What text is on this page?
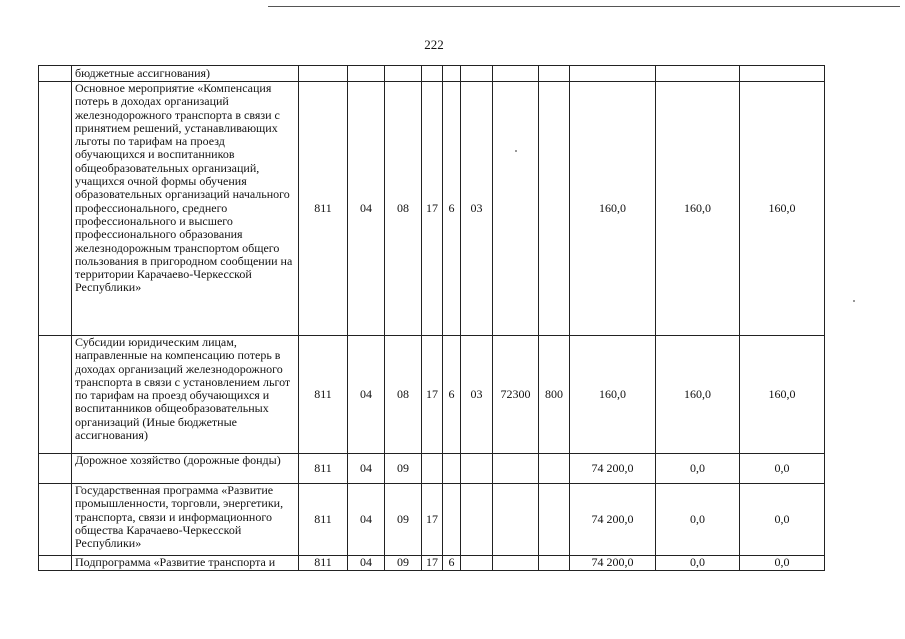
222
	бюджетные ассигнования)											
	Основное мероприятие «Компенсация потерь в доходах организаций железнодорожного транспорта в связи с принятием решений, устанавливающих льготы по тарифам на проезд обучающихся и воспитанников общеобразовательных организаций, учащихся очной формы обучения образовательных организаций начального профессионального, среднего профессионального и высшего профессионального образования железнодорожным транспортом общего пользования в пригородном сообщении на территории Карачаево-Черкесской Республики»	811	04	08	17	6	03			160,0	160,0	160,0
	Субсидии юридическим лицам, направленные на компенсацию потерь в доходах организаций железнодорожного транспорта в связи с установлением льгот по тарифам на проезд обучающихся и воспитанников общеобразовательных организаций (Иные бюджетные ассигнования)	811	04	08	17	6	03	72300	800	160,0	160,0	160,0
	Дорожное хозяйство (дорожные фонды)	811	04	09						74 200,0	0,0	0,0
	Государственная программа «Развитие промышленности, торговли, энергетики, транспорта, связи и информационного общества Карачаево-Черкесской Республики»	811	04	09	17					74 200,0	0,0	0,0
	Подпрограмма «Развитие транспорта и	811	04	09	17	6				74 200,0	0,0	0,0
